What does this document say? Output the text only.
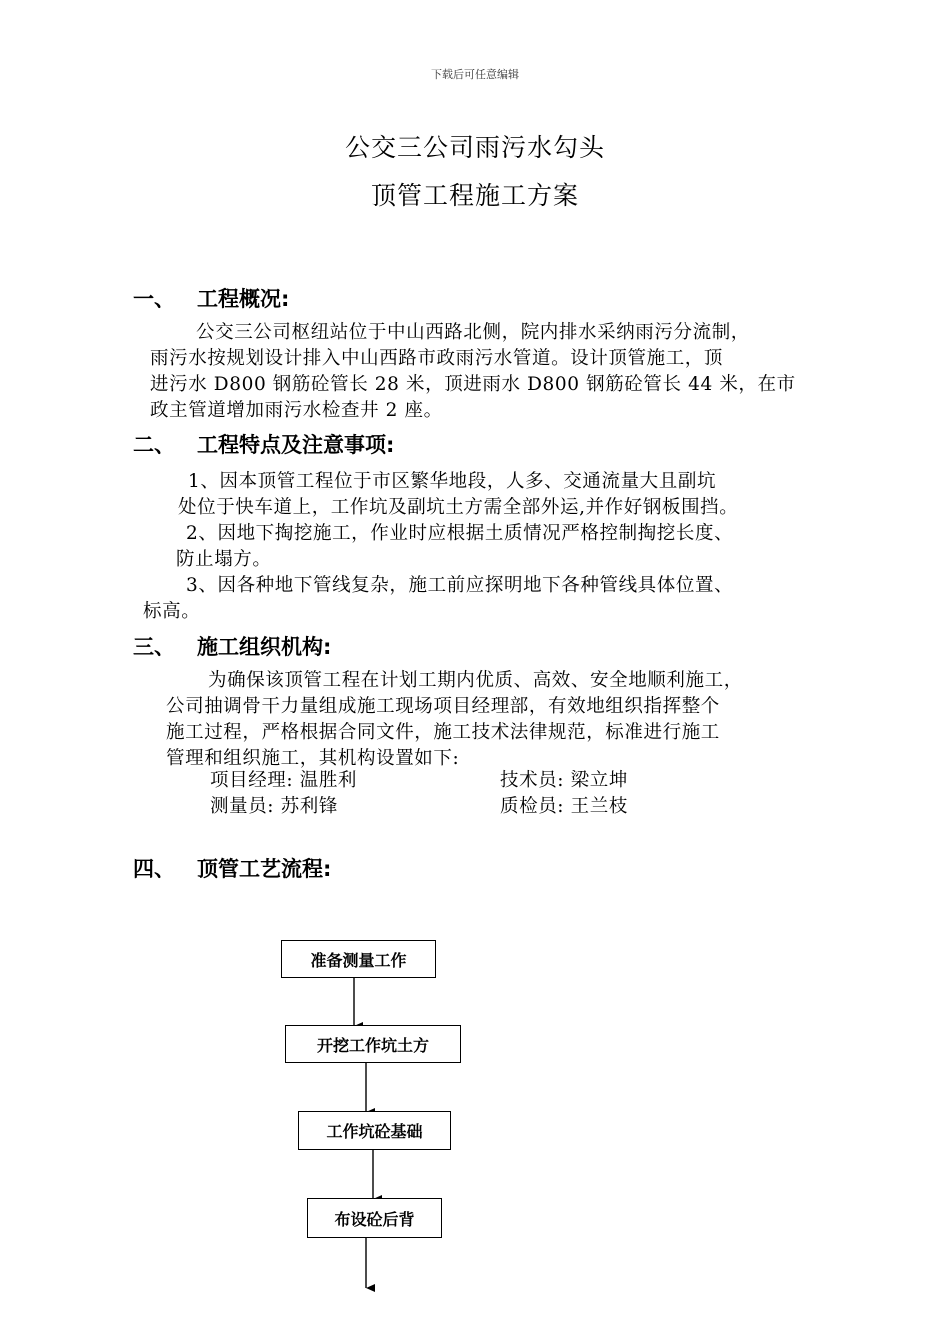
下载后可任意编辑
公交三公司雨污水勾头
顶管工程施工方案
一、 工程概况:
公交三公司枢纽站位于中山西路北侧，院内排水采纳雨污分流制，
雨污水按规划设计排入中山西路市政雨污水管道。设计顶管施工，顶
进污水 D800 钢筋砼管长 28 米，顶进雨水 D800 钢筋砼管长 44 米，在市
政主管道增加雨污水检查井 2 座。
二、 工程特点及注意事项:
1、因本顶管工程位于市区繁华地段，人多、交通流量大且副坑
处位于快车道上，工作坑及副坑土方需全部外运,并作好钢板围挡。
2、因地下掏挖施工，作业时应根据土质情况严格控制掏挖长度、
防止塌方。
3、因各种地下管线复杂，施工前应探明地下各种管线具体位置、
标高。
三、 施工组织机构:
为确保该顶管工程在计划工期内优质、高效、安全地顺利施工，
公司抽调骨干力量组成施工现场项目经理部，有效地组织指挥整个
施工过程，严格根据合同文件，施工技术法律规范，标准进行施工
管理和组织施工，其机构设置如下:
项目经理: 温胜利	技术员: 梁立坤
测量员: 苏利锋	质检员: 王兰枝
四、 顶管工艺流程:
准备测量工作
开挖工作坑土方
工作坑砼基础
布设砼后背
